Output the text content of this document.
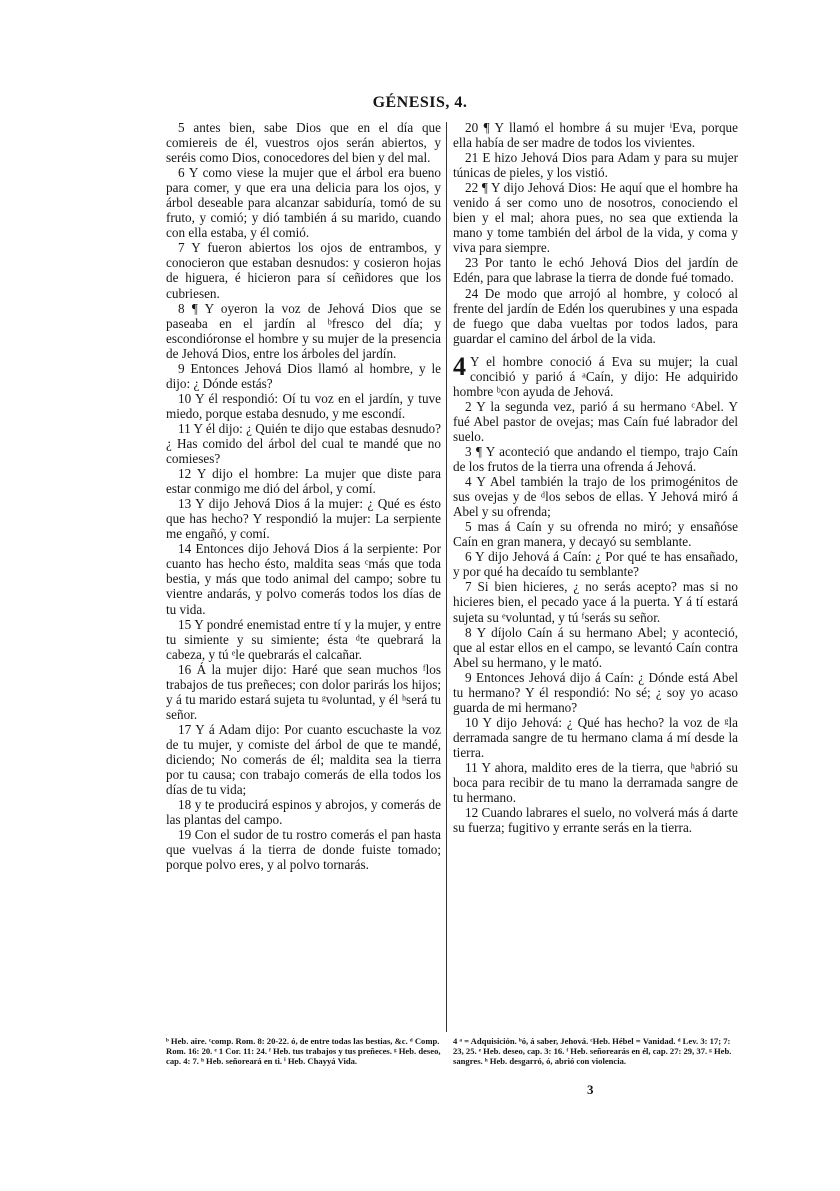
GÉNESIS, 4.

5 antes bien, sabe Dios que en el día que comiereis de él, vuestros ojos serán abiertos, y seréis como Dios, conocedores del bien y del mal.

6 Y como viese la mujer que el árbol era bueno para comer, y que era una delicia para los ojos, y árbol deseable para alcanzar sabiduría, tomó de su fruto, y comió; y dió también á su marido, cuando con ella estaba, y él comió.

7 Y fueron abiertos los ojos de entrambos, y conocieron que estaban desnudos: y cosieron hojas de higuera, é hicieron para sí ceñidores que los cubriesen.

8 ¶ Y oyeron la voz de Jehová Dios que se paseaba en el jardín al ᵇfresco del día; y escondióronse el hombre y su mujer de la presencia de Jehová Dios, entre los árboles del jardín.

9 Entonces Jehová Dios llamó al hombre, y le dijo: ¿ Dónde estás?

10 Y él respondió: Oí tu voz en el jardín, y tuve miedo, porque estaba desnudo, y me escondí.

11 Y él dijo: ¿ Quién te dijo que estabas desnudo? ¿ Has comido del árbol del cual te mandé que no comieses?

12 Y dijo el hombre: La mujer que diste para estar conmigo me dió del árbol, y comí.

13 Y dijo Jehová Dios á la mujer: ¿ Qué es ésto que has hecho? Y respondió la mujer: La serpiente me engañó, y comí.

14 Entonces dijo Jehová Dios á la serpiente: Por cuanto has hecho ésto, maldita seas ᶜmás que toda bestia, y más que todo animal del campo; sobre tu vientre andarás, y polvo comerás todos los días de tu vida.

15 Y pondré enemistad entre tí y la mujer, y entre tu simiente y su simiente; ésta ᵈte quebrará la cabeza, y tú ᵉle quebrarás el calcañar.

16 Á la mujer dijo: Haré que sean muchos ᶠlos trabajos de tus preñeces; con dolor parirás los hijos; y á tu marido estará sujeta tu ᵍvoluntad, y él ʰserá tu señor.

17 Y á Adam dijo: Por cuanto escuchaste la voz de tu mujer, y comiste del árbol de que te mandé, diciendo; No comerás de él; maldita sea la tierra por tu causa; con trabajo comerás de ella todos los días de tu vida;

18 y te producirá espinos y abrojos, y comerás de las plantas del campo.

19 Con el sudor de tu rostro comerás el pan hasta que vuelvas á la tierra de donde fuiste tomado; porque polvo eres, y al polvo tornarás.

20 ¶ Y llamó el hombre á su mujer ⁱEva, porque ella había de ser madre de todos los vivientes.

21 E hizo Jehová Dios para Adam y para su mujer túnicas de pieles, y los vistió.

22 ¶ Y dijo Jehová Dios: He aquí que el hombre ha venido á ser como uno de nosotros, conociendo el bien y el mal; ahora pues, no sea que extienda la mano y tome también del árbol de la vida, y coma y viva para siempre.

23 Por tanto le echó Jehová Dios del jardín de Edén, para que labrase la tierra de donde fué tomado.

24 De modo que arrojó al hombre, y colocó al frente del jardín de Edén los querubines y una espada de fuego que daba vueltas por todos lados, para guardar el camino del árbol de la vida.

4 Y el hombre conoció á Eva su mujer; la cual concibió y parió á ᵃCaín, y dijo: He adquirido hombre ᵇcon ayuda de Jehová.

2 Y la segunda vez, parió á su hermano ᶜAbel. Y fué Abel pastor de ovejas; mas Caín fué labrador del suelo.

3 ¶ Y aconteció que andando el tiempo, trajo Caín de los frutos de la tierra una ofrenda á Jehová.

4 Y Abel también la trajo de los primogénitos de sus ovejas y de ᵈlos sebos de ellas. Y Jehová miró á Abel y su ofrenda;

5 mas á Caín y su ofrenda no miró; y ensañóse Caín en gran manera, y decayó su semblante.

6 Y dijo Jehová á Caín: ¿ Por qué te has ensañado, y por qué ha decaído tu semblante?

7 Si bien hicieres, ¿ no serás acepto? mas si no hicieres bien, el pecado yace á la puerta. Y á tí estará sujeta su ᵉvoluntad, y tú ᶠserás su señor.

8 Y díjolo Caín á su hermano Abel; y aconteció, que al estar ellos en el campo, se levantó Caín contra Abel su hermano, y le mató.

9 Entonces Jehová dijo á Caín: ¿ Dónde está Abel tu hermano? Y él respondió: No sé; ¿ soy yo acaso guarda de mi hermano?

10 Y dijo Jehová: ¿ Qué has hecho? la voz de ᵍla derramada sangre de tu hermano clama á mí desde la tierra.

11 Y ahora, maldito eres de la tierra, que ʰabrió su boca para recibir de tu mano la derramada sangre de tu hermano.

12 Cuando labrares el suelo, no volverá más á darte su fuerza; fugitivo y errante serás en la tierra.

ᵇ Heb. aire. ᶜcomp. Rom. 8: 20-22. ó, de entre todas las bestias, &c. ᵈ Comp. Rom. 16: 20. ᵉ 1 Cor. 11: 24. ᶠ Heb. tus trabajos y tus preñeces. ᵍ Heb. deseo, cap. 4: 7. ʰ Heb. señoreará en ti. ⁱ Heb. Chayyá Vida.

4 ᵃ = Adquisición. ᵇó, á saber, Jehová. ᶜHeb. Hébel = Vanidad. ᵈ Lev. 3: 17; 7: 23, 25. ᵉ Heb. deseo, cap. 3: 16. ᶠ Heb. señorearás en él, cap. 27: 29, 37. ᵍ Heb. sangres. ʰ Heb. desgarró, ó, abrió con violencia.

3
